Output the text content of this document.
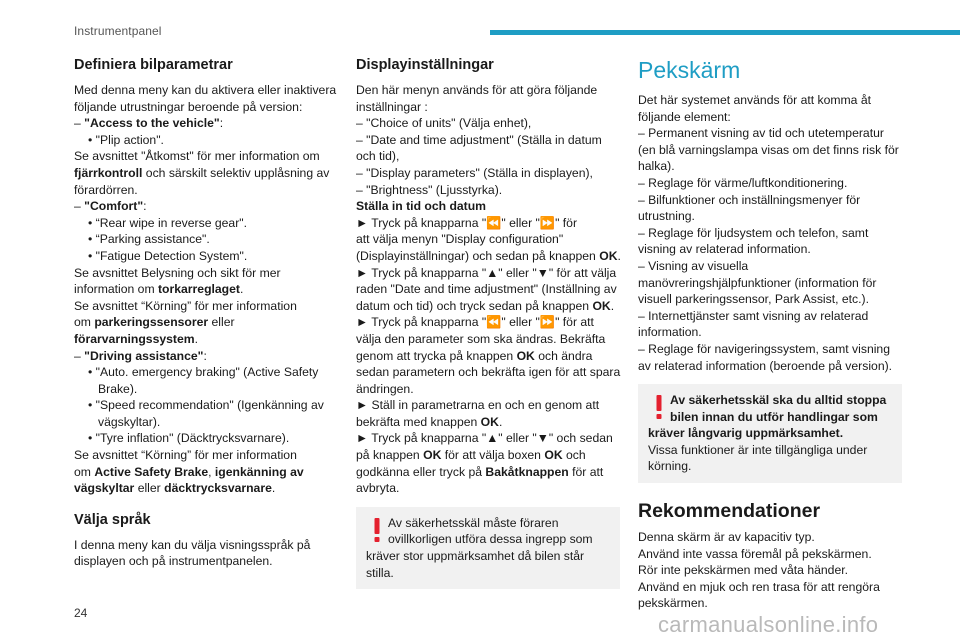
Instrumentpanel
Definiera bilparametrar
Med denna meny kan du aktivera eller inaktivera
följande utrustningar beroende på version:
– "Access to the vehicle":
• "Plip action".
Se avsnittet "Åtkomst" för mer information om
fjärrkontroll och särskilt selektiv upplåsning av
förardörren.
– "Comfort":
• “Rear wipe in reverse gear".
• “Parking assistance".
• "Fatigue Detection System".
Se avsnittet Belysning och sikt för mer
information om torkarreglaget.
Se avsnittet “Körning” för mer information
om parkeringssensorer eller
förarvarningssystem.
– "Driving assistance":
• "Auto. emergency braking" (Active Safety
Brake).
• "Speed recommendation" (Igenkänning av
vägskyltar).
• "Tyre inflation" (Däcktrycksvarnare).
Se avsnittet “Körning” för mer information
om Active Safety Brake, igenkänning av
vägskyltar eller däcktrycksvarnare.
Välja språk
I denna meny kan du välja visningsspråk på
displayen och på instrumentpanelen.
Displayinställningar
Den här menyn används för att göra följande
inställningar :
– "Choice of units" (Välja enhet),
– "Date and time adjustment" (Ställa in datum
och tid),
– "Display parameters" (Ställa in displayen),
– "Brightness" (Ljusstyrka).
Ställa in tid och datum
► Tryck på knapparna "⏪" eller "⏩" för
att välja menyn "Display configuration"
(Displayinställningar) och sedan på knappen OK.
► Tryck på knapparna "▲" eller "▼" för att välja
raden "Date and time adjustment" (Inställning av
datum och tid) och tryck sedan på knappen OK.
► Tryck på knapparna "⏪" eller "⏩" för att
välja den parameter som ska ändras. Bekräfta
genom att trycka på knappen OK och ändra
sedan parametern och bekräfta igen för att spara
ändringen.
► Ställ in parametrarna en och en genom att
bekräfta med knappen OK.
► Tryck på knapparna "▲" eller "▼" och sedan
på knappen OK för att välja boxen OK och
godkänna eller tryck på Bakåtknappen för att
avbryta.
Av säkerhetsskäl måste föraren
ovillkorligen utföra dessa ingrepp som
kräver stor uppmärksamhet då bilen står
stilla.
Pekskärm
Det här systemet används för att komma åt
följande element:
– Permanent visning av tid och utetemperatur
(en blå varningslampa visas om det finns risk för
halka).
– Reglage för värme/luftkonditionering.
– Bilfunktioner och inställningsmenyer för
utrustning.
– Reglage för ljudsystem och telefon, samt
visning av relaterad information.
– Visning av visuella
manövreringshjälpfunktioner (information för
visuell parkeringssensor, Park Assist, etc.).
– Internettjänster samt visning av relaterad
information.
– Reglage för navigeringssystem, samt visning
av relaterad information (beroende på version).
Av säkerhetsskäl ska du alltid stoppa
bilen innan du utför handlingar som
kräver långvarig uppmärksamhet.
Vissa funktioner är inte tillgängliga under
körning.
Rekommendationer
Denna skärm är av kapacitiv typ.
Använd inte vassa föremål på pekskärmen.
Rör inte pekskärmen med våta händer.
Använd en mjuk och ren trasa för att rengöra
pekskärmen.
24	carmanualsonline.info
